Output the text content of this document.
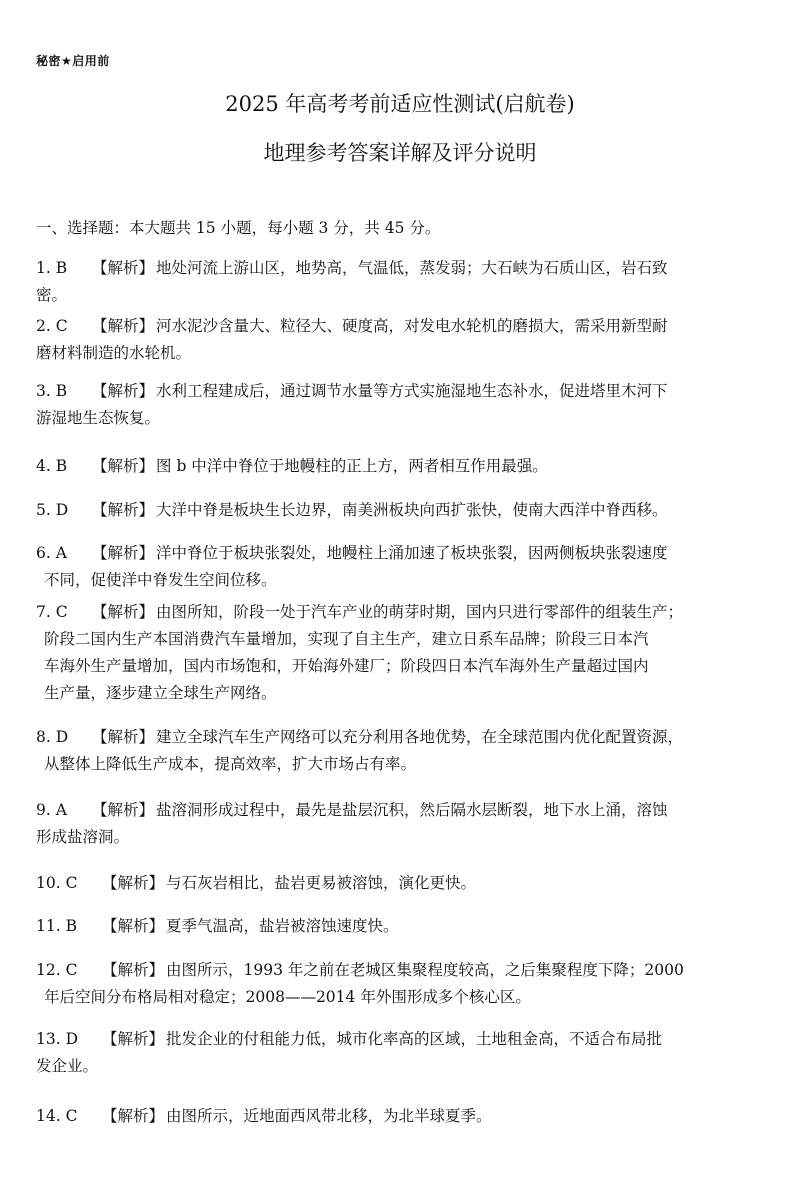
秘密★启用前
2025 年高考考前适应性测试(启航卷)
地理参考答案详解及评分说明
一、选择题：本大题共 15 小题，每小题 3 分，共 45 分。
1. B 【解析】 地处河流上游山区，地势高，气温低，蒸发弱；大石峡为石质山区，岩石致
密。
2. C 【解析】 河水泥沙含量大、粒径大、硬度高，对发电水轮机的磨损大，需采用新型耐
磨材料制造的水轮机。
3. B 【解析】 水利工程建成后，通过调节水量等方式实施湿地生态补水，促进塔里木河下
游湿地生态恢复。
4. B 【解析】 图 b 中洋中脊位于地幔柱的正上方，两者相互作用最强。
5. D 【解析】 大洋中脊是板块生长边界，南美洲板块向西扩张快，使南大西洋中脊西移。
6. A 【解析】 洋中脊位于板块张裂处，地幔柱上涌加速了板块张裂，因两侧板块张裂速度
不同，促使洋中脊发生空间位移。
7. C 【解析】 由图所知，阶段一处于汽车产业的萌芽时期，国内只进行零部件的组装生产；
阶段二国内生产本国消费汽车量增加，实现了自主生产，建立日系车品牌；阶段三日本汽
车海外生产量增加，国内市场饱和，开始海外建厂；阶段四日本汽车海外生产量超过国内
生产量，逐步建立全球生产网络。
8. D 【解析】 建立全球汽车生产网络可以充分利用各地优势，在全球范围内优化配置资源，
从整体上降低生产成本，提高效率，扩大市场占有率。
9. A 【解析】 盐溶洞形成过程中，最先是盐层沉积，然后隔水层断裂，地下水上涌，溶蚀
形成盐溶洞。
10. C 【解析】 与石灰岩相比，盐岩更易被溶蚀，演化更快。
11. B 【解析】 夏季气温高，盐岩被溶蚀速度快。
12. C 【解析】 由图所示，1993 年之前在老城区集聚程度较高，之后集聚程度下降；2000
年后空间分布格局相对稳定；2008——2014 年外围形成多个核心区。
13. D 【解析】 批发企业的付租能力低，城市化率高的区域，土地租金高，不适合布局批
发企业。
14. C 【解析】 由图所示，近地面西风带北移，为北半球夏季。
